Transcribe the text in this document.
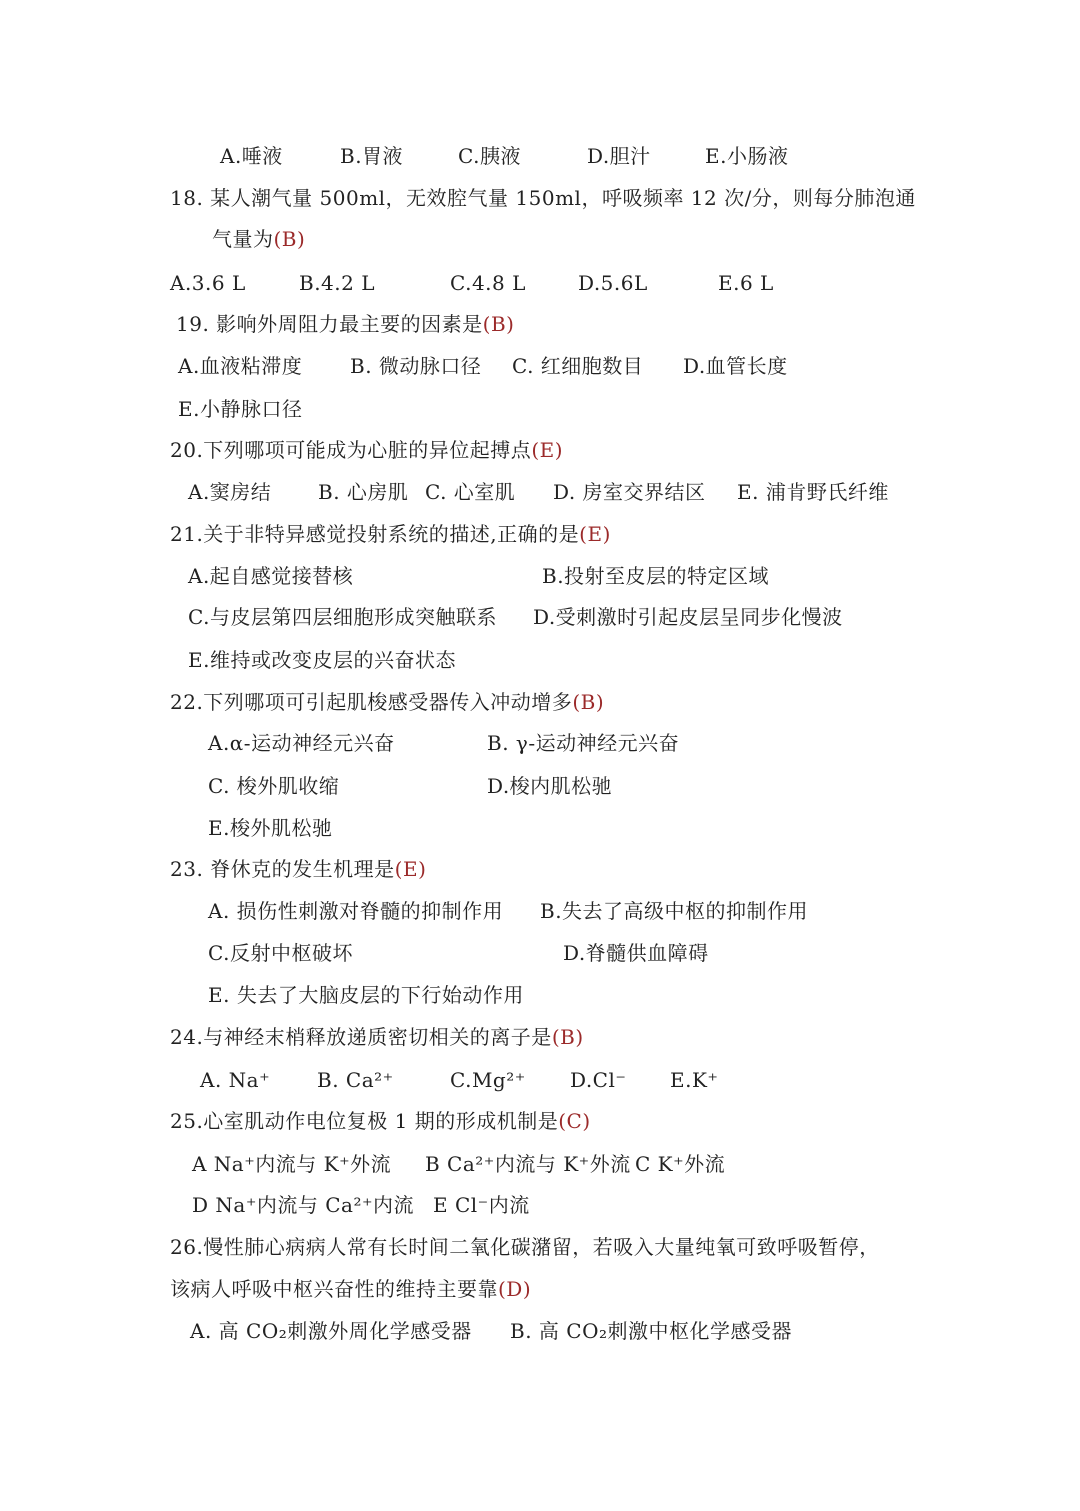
A.唾液	B.胃液	C.胰液	D.胆汁	E.小肠液
18. 某人潮气量 500ml，无效腔气量 150ml，呼吸频率 12 次/分，则每分肺泡通
气量为(B)
A.3.6 L	B.4.2 L	C.4.8 L	D.5.6L	E.6 L
19. 影响外周阻力最主要的因素是(B)
A.血液粘滞度 B. 微动脉口径 C. 红细胞数目 D.血管长度
E.小静脉口径
20.下列哪项可能成为心脏的异位起搏点(E)
A.窦房结 B. 心房肌 C. 心室肌 D. 房室交界结区 E. 浦肯野氏纤维
21.关于非特异感觉投射系统的描述,正确的是(E)
A.起自感觉接替核	B.投射至皮层的特定区域
C.与皮层第四层细胞形成突触联系 D.受刺激时引起皮层呈同步化慢波
E.维持或改变皮层的兴奋状态
22.下列哪项可引起肌梭感受器传入冲动增多(B)
A.α-运动神经元兴奋	B. γ-运动神经元兴奋
C. 梭外肌收缩	D.梭内肌松驰
E.梭外肌松驰
23. 脊休克的发生机理是(E)
A. 损伤性刺激对脊髓的抑制作用 B.失去了高级中枢的抑制作用
C.反射中枢破坏	D.脊髓供血障碍
E. 失去了大脑皮层的下行始动作用
24.与神经末梢释放递质密切相关的离子是(B)
A. Na⁺ B. Ca²⁺	C.Mg²⁺ D.Cl⁻ E.K⁺
25.心室肌动作电位复极 1 期的形成机制是(C)
A Na⁺内流与 K⁺外流 B Ca²⁺内流与 K⁺外流 C K⁺外流
D Na⁺内流与 Ca²⁺内流 E Cl⁻内流
26.慢性肺心病病人常有长时间二氧化碳潴留，若吸入大量纯氧可致呼吸暂停，
该病人呼吸中枢兴奋性的维持主要靠(D)
A. 高 CO₂刺激外周化学感受器 B. 高 CO₂刺激中枢化学感受器
